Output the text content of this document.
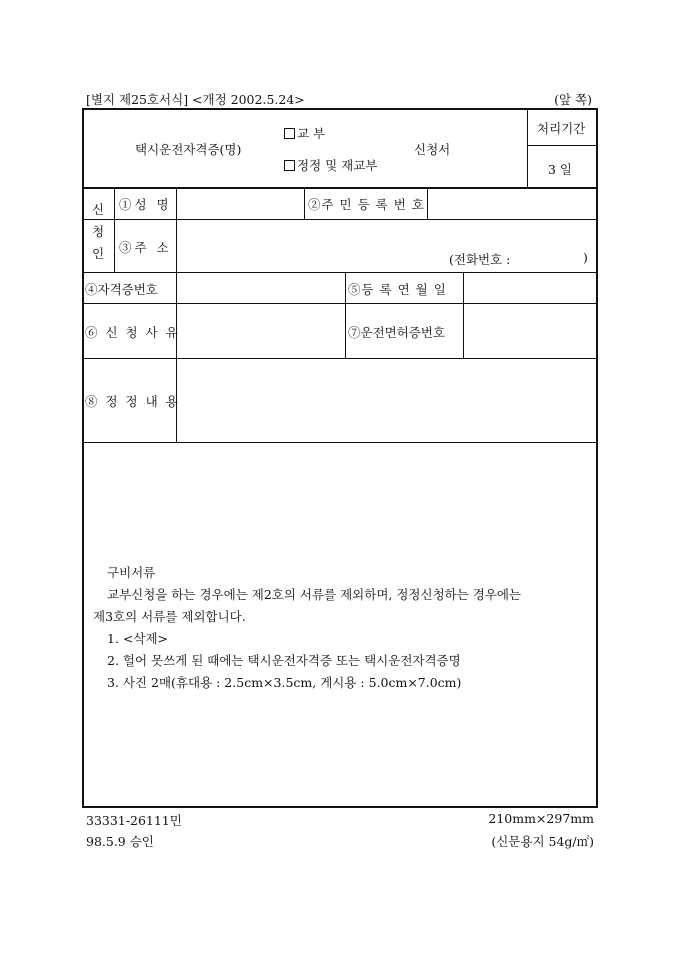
[별지 제25호서식] <개정 2002.5.24>	(앞 쪽)
택시운전자격증(명)
교 부
정정 및 재교부
신청서
처리기간
3 일
신
청
인
①성 명	②주 민 등 록 번 호
③주 소
(전화번호 :	)
④자격증번호	⑤등 록 연 월 일
⑥ 신 청 사 유	⑦운전면허증번호
⑧ 정 정 내 용
구비서류
교부신청을 하는 경우에는 제2호의 서류를 제외하며, 정정신청하는 경우에는
제3호의 서류를 제외합니다.
1. <삭제>
2. 헐어 못쓰게 된 때에는 택시운전자격증 또는 택시운전자격증명
3. 사진 2매(휴대용 : 2.5cm×3.5cm, 게시용 : 5.0cm×7.0cm)
33331-26111민
98.5.9 승인
210mm×297mm
(신문용지 54g/㎡)
